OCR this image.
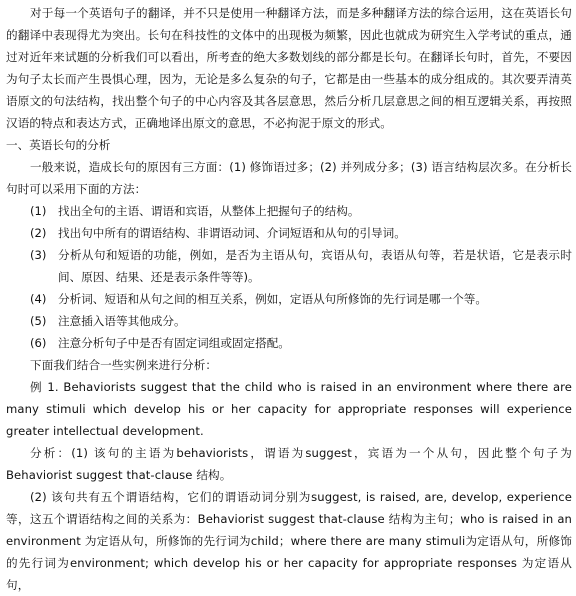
对于每一个英语句子的翻译，并不只是使用一种翻译方法，而是多种翻译方法的综合运用，这在英语长句的翻译中表现得尤为突出。长句在科技性的文体中的出现极为频繁，因此也就成为研究生入学考试的重点，通过对近年来试题的分析我们可以看出，所考查的绝大多数划线的部分都是长句。在翻译长句时，首先，不要因为句子太长而产生畏惧心理，因为，无论是多么复杂的句子，它都是由一些基本的成分组成的。其次要弄清英语原文的句法结构，找出整个句子的中心内容及其各层意思，然后分析几层意思之间的相互逻辑关系，再按照汉语的特点和表达方式，正确地译出原文的意思，不必拘泥于原文的形式。

一、英语长句的分析

一般来说，造成长句的原因有三方面：(1) 修饰语过多；(2) 并列成分多；(3) 语言结构层次多。在分析长句时可以采用下面的方法：

(1) 找出全句的主语、谓语和宾语，从整体上把握句子的结构。
(2) 找出句中所有的谓语结构、非谓语动词、介词短语和从句的引导词。
(3) 分析从句和短语的功能，例如，是否为主语从句，宾语从句，表语从句等，若是状语，它是表示时间、原因、结果、还是表示条件等等)。
(4) 分析词、短语和从句之间的相互关系，例如，定语从句所修饰的先行词是哪一个等。
(5) 注意插入语等其他成分。
(6) 注意分析句子中是否有固定词组或固定搭配。

下面我们结合一些实例来进行分析：

例 1. Behaviorists suggest that the child who is raised in an environment where there are many stimuli which develop his or her capacity for appropriate responses will experience greater intellectual development.

分析：(1) 该句的主语为behaviorists，谓语为suggest，宾语为一个从句，因此整个句子为Behaviorist suggest that-clause 结构。

(2) 该句共有五个谓语结构，它们的谓语动词分别为suggest, is raised, are, develop, experience等，这五个谓语结构之间的关系为：Behaviorist suggest that-clause 结构为主句；who is raised in an environment 为定语从句，所修饰的先行词为child；where there are many stimuli为定语从句，所修饰的先行词为environment; which develop his or her capacity for appropriate responses 为定语从句，
